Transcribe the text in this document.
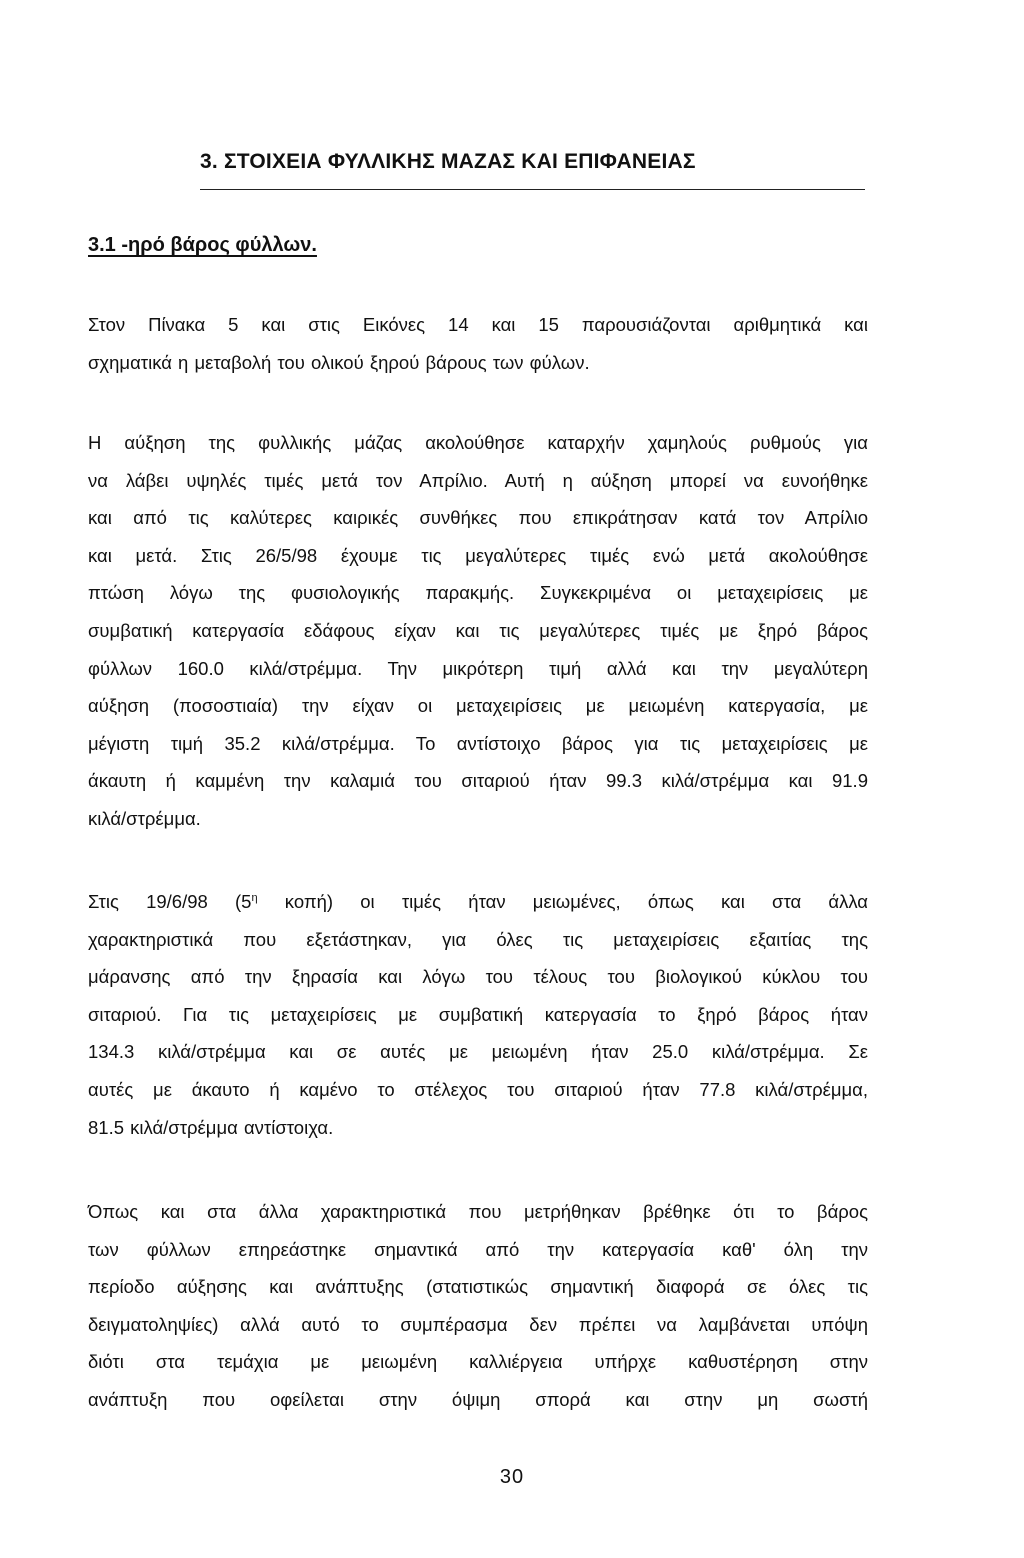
3. ΣΤΟΙΧΕΙΑ ΦΥΛΛΙΚΗΣ ΜΑΖΑΣ ΚΑΙ ΕΠΙΦΑΝΕΙΑΣ
3.1 -ηρό βάρος φύλλων.

Στον Πίνακα 5 και στις Εικόνες 14 και 15 παρουσιάζονται αριθμητικά και
σχηματικά η μεταβολή του ολικού ξηρού βάρους των φύλων.

Η αύξηση της φυλλικής μάζας ακολούθησε καταρχήν χαμηλούς ρυθμούς για
να λάβει υψηλές τιμές μετά τον Απρίλιο. Αυτή η αύξηση μπορεί να ευνοήθηκε
και από τις καλύτερες καιρικές συνθήκες που επικράτησαν κατά τον Απρίλιο
και μετά. Στις 26/5/98 έχουμε τις μεγαλύτερες τιμές ενώ μετά ακολούθησε
πτώση λόγω της φυσιολογικής παρακμής. Συγκεκριμένα οι μεταχειρίσεις με
συμβατική κατεργασία εδάφους είχαν και τις μεγαλύτερες τιμές με ξηρό βάρος
φύλλων 160.0 κιλά/στρέμμα. Την μικρότερη τιμή αλλά και την μεγαλύτερη
αύξηση (ποσοστιαία) την είχαν οι μεταχειρίσεις με μειωμένη κατεργασία, με
μέγιστη τιμή 35.2 κιλά/στρέμμα. Το αντίστοιχο βάρος για τις μεταχειρίσεις με
άκαυτη ή καμμένη την καλαμιά του σιταριού ήταν 99.3 κιλά/στρέμμα και 91.9
κιλά/στρέμμα.

Στις 19/6/98 ($5^\eta$ κοπή) οι τιμές ήταν μειωμένες, όπως και στα άλλα
χαρακτηριστικά που εξετάστηκαν, για όλες τις μεταχειρίσεις εξαιτίας της
μάρανσης από την ξηρασία και λόγω του τέλους του βιολογικού κύκλου του
σιταριού. Για τις μεταχειρίσεις με συμβατική κατεργασία το ξηρό βάρος ήταν
134.3 κιλά/στρέμμα και σε αυτές με μειωμένη ήταν 25.0 κιλά/στρέμμα. Σε
αυτές με άκαυτο ή καμένο το στέλεχος του σιταριού ήταν 77.8 κιλά/στρέμμα,
81.5 κιλά/στρέμμα αντίστοιχα.

Όπως και στα άλλα χαρακτηριστικά που μετρήθηκαν βρέθηκε ότι το βάρος
των φύλλων επηρεάστηκε σημαντικά από την κατεργασία καθ' όλη την
περίοδο αύξησης και ανάπτυξης (στατιστικώς σημαντική διαφορά σε όλες τις
δειγματοληψίες) αλλά αυτό το συμπέρασμα δεν πρέπει να λαμβάνεται υπόψη
διότι στα τεμάχια με μειωμένη καλλιέργεια υπήρχε καθυστέρηση στην
ανάπτυξη που οφείλεται στην όψιμη σπορά και στην μη σωστή

30
